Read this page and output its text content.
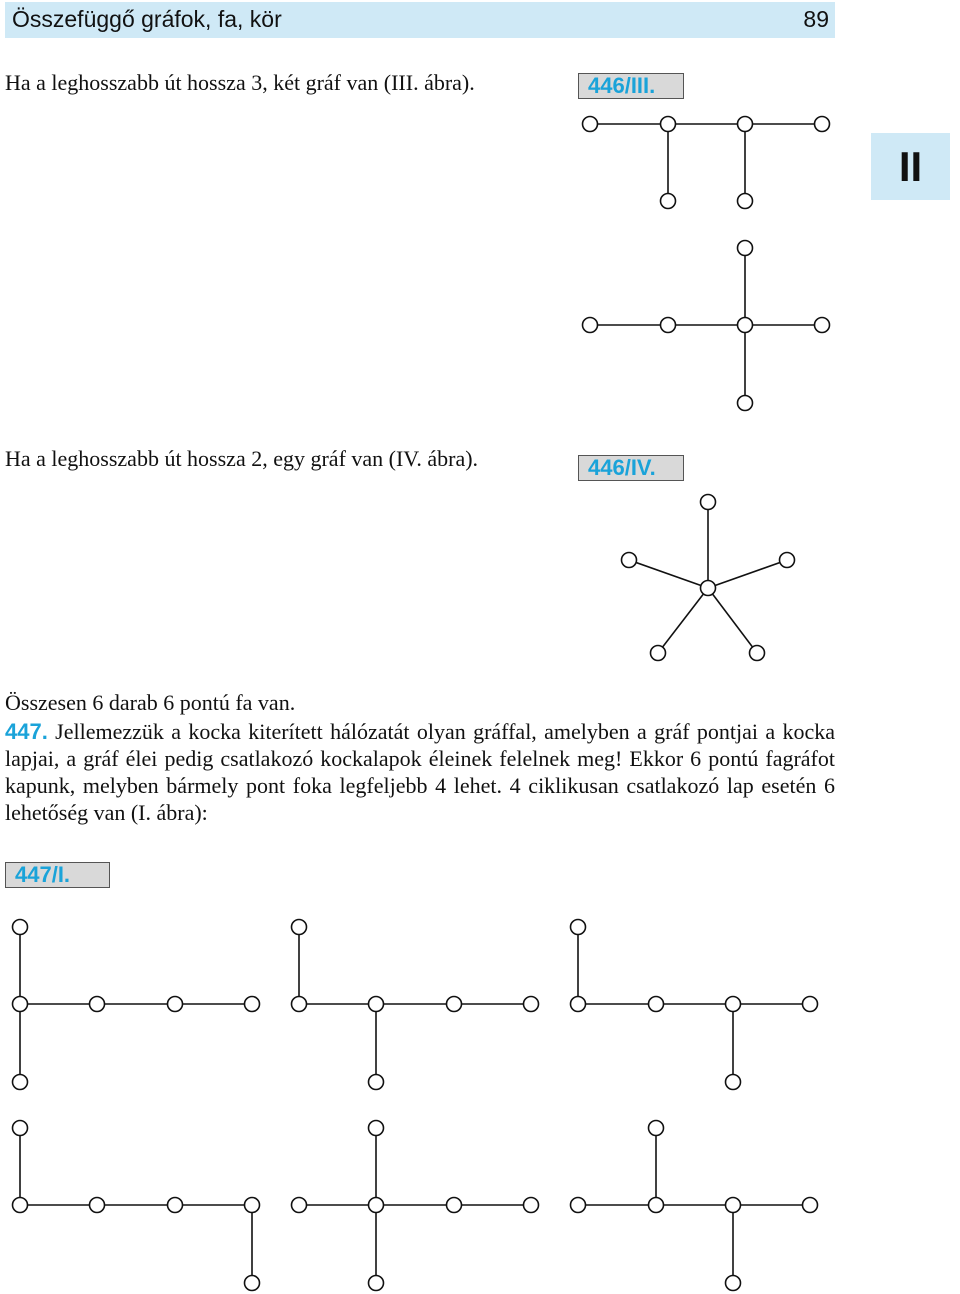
Összefüggő gráfok, fa, kör	89
II
Ha a leghosszabb út hossza 3, két gráf van (III. ábra).	446/III.
Ha a leghosszabb út hossza 2, egy gráf van (IV. ábra).	446/IV.
Összesen 6 darab 6 pontú fa van.
447. Jellemezzük a kocka kiterített hálózatát olyan gráffal, amelyben a gráf pontjai a kocka lapjai, a gráf élei pedig csatlakozó kockalapok éleinek felelnek meg! Ekkor 6 pontú fagráfot kapunk, melyben bármely pont foka legfeljebb 4 lehet. 4 ciklikusan csatlakozó lap esetén 6 lehetőség van (I. ábra):
447/I.
